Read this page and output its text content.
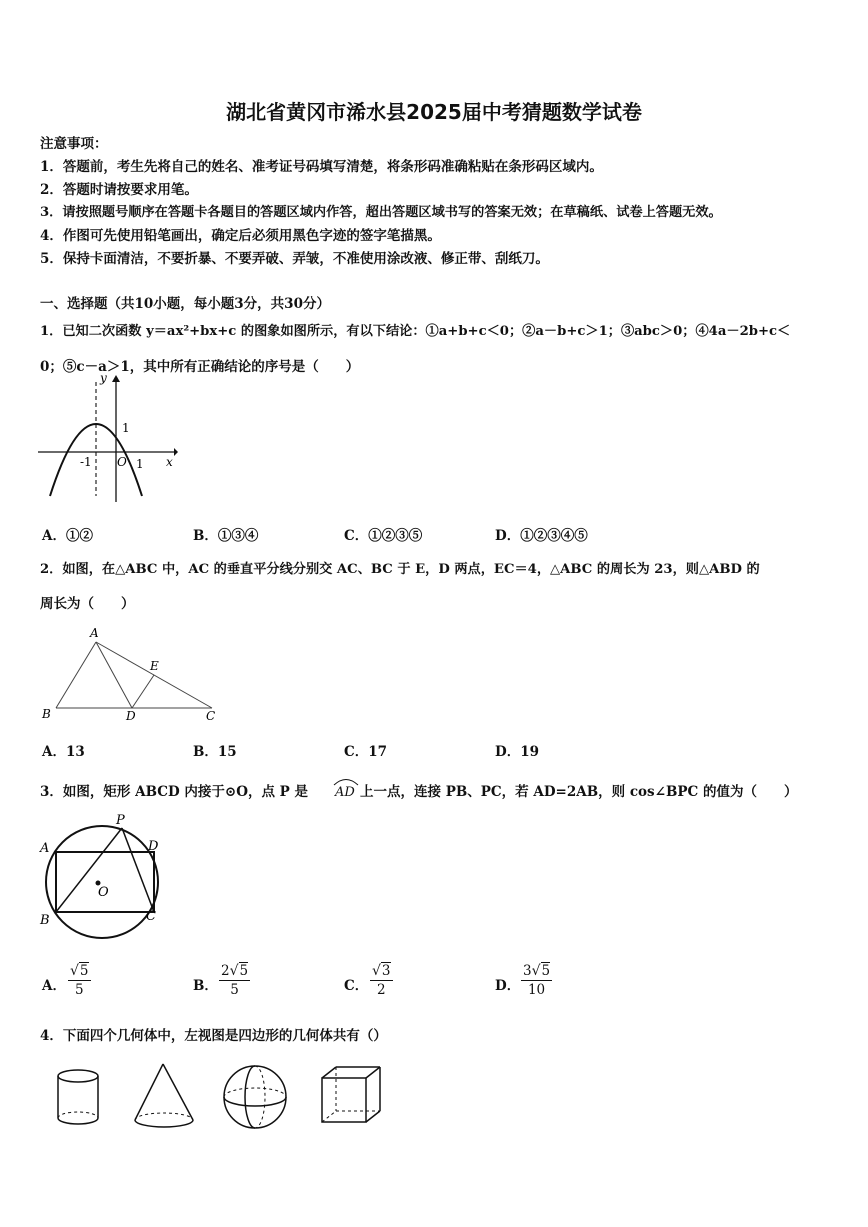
湖北省黄冈市浠水县2025届中考猜题数学试卷
注意事项：
1．答题前，考生先将自己的姓名、准考证号码填写清楚，将条形码准确粘贴在条形码区域内。
2．答题时请按要求用笔。
3．请按照题号顺序在答题卡各题目的答题区域内作答，超出答题区域书写的答案无效；在草稿纸、试卷上答题无效。
4．作图可先使用铅笔画出，确定后必须用黑色字迹的签字笔描黑。
5．保持卡面清洁，不要折暴、不要弄破、弄皱，不准使用涂改液、修正带、刮纸刀。
一、选择题（共10小题，每小题3分，共30分）
1．已知二次函数 y＝ax²+bx+c 的图象如图所示，有以下结论：①a+b+c＜0；②a－b+c＞1；③abc＞0；④4a－2b+c＜
0；⑤c－a＞1，其中所有正确结论的序号是（　　）
y
x
1
-1 O 1
A．①②	B．①③④	C．①②③⑤	D．①②③④⑤
2．如图，在△ABC 中，AC 的垂直平分线分别交 AC、BC 于 E，D 两点，EC＝4，△ABC 的周长为 23，则△ABD 的
周长为（　　）
A
B	C
D
E
A．13	B．15	C．17	D．19
3．如图，矩形 ABCD 内接于⊙O，点 P 是 AD 上一点，连接 PB、PC，若 AD=2AB，则 cos∠BPC 的值为（　　）
P
A	D
B	C
O
A． $\frac{√5}{5}$	B． $\frac{2√5}{5}$	C． $\frac{√3}{2}$	D． $\frac{3√5}{10}$
4．下面四个几何体中，左视图是四边形的几何体共有（）
